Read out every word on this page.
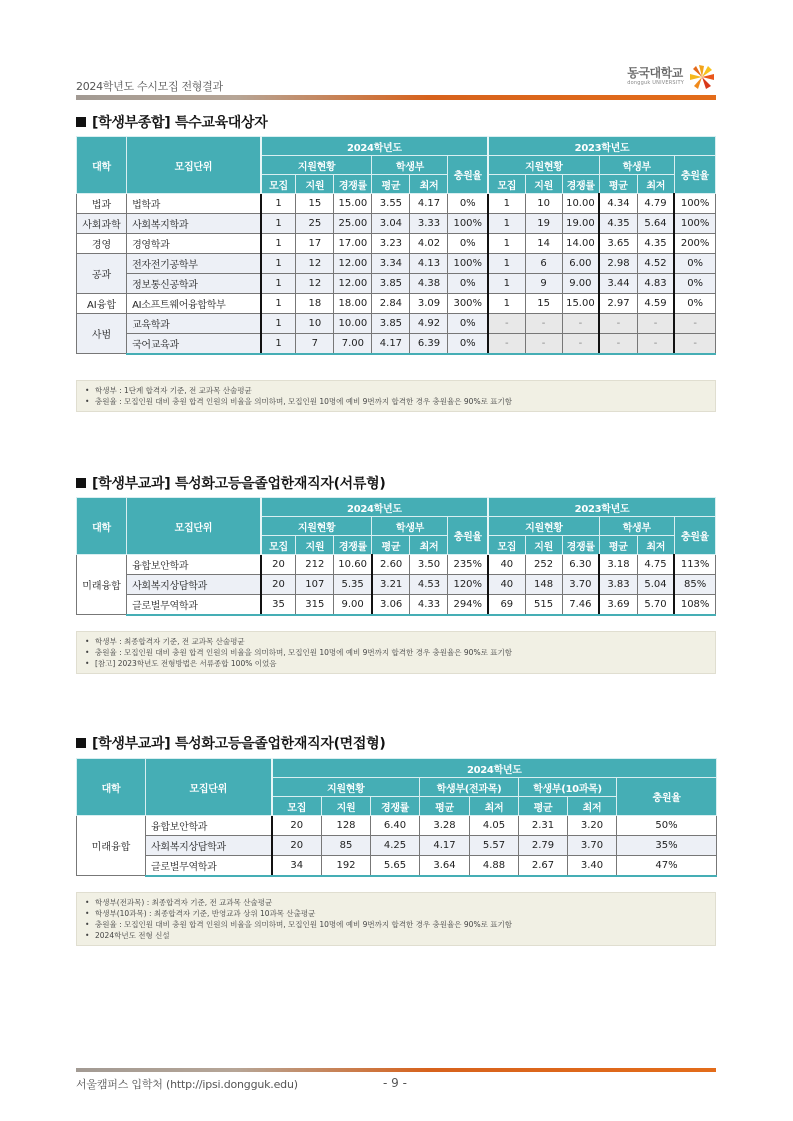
2024학년도 수시모집 전형결과
동국대학교
dongguk UNIVERSITY
[학생부종합] 특수교육대상자
대학	모집단위	2024학년도						2023학년도					
		지원현황			학생부		충원율	지원현황			학생부		충원율
		모집	지원	경쟁률	평균	최저		모집	지원	경쟁률	평균	최저	
법과	법학과	1	15	15.00	3.55	4.17	0%	1	10	10.00	4.34	4.79	100%
사회과학	사회복지학과	1	25	25.00	3.04	3.33	100%	1	19	19.00	4.35	5.64	100%
경영	경영학과	1	17	17.00	3.23	4.02	0%	1	14	14.00	3.65	4.35	200%
공과	전자전기공학부	1	12	12.00	3.34	4.13	100%	1	6	6.00	2.98	4.52	0%
	정보통신공학과	1	12	12.00	3.85	4.38	0%	1	9	9.00	3.44	4.83	0%
AI융합	AI소프트웨어융합학부	1	18	18.00	2.84	3.09	300%	1	15	15.00	2.97	4.59	0%
사범	교육학과	1	10	10.00	3.85	4.92	0%	-	-	-	-	-	-
	국어교육과	1	7	7.00	4.17	6.39	0%	-	-	-	-	-	-
• 학생부 : 1단계 합격자 기준, 전 교과목 산술평균
• 충원율 : 모집인원 대비 충원 합격 인원의 비율을 의미하며, 모집인원 10명에 예비 9번까지 합격한 경우 충원율은 90%로 표기함
[학생부교과] 특성화고등을졸업한재직자(서류형)
대학	모집단위	2024학년도						2023학년도					
		지원현황			학생부		충원율	지원현황			학생부		충원율
		모집	지원	경쟁률	평균	최저		모집	지원	경쟁률	평균	최저	
미래융합	융합보안학과	20	212	10.60	2.60	3.50	235%	40	252	6.30	3.18	4.75	113%
	사회복지상담학과	20	107	5.35	3.21	4.53	120%	40	148	3.70	3.83	5.04	85%
	글로벌무역학과	35	315	9.00	3.06	4.33	294%	69	515	7.46	3.69	5.70	108%
• 학생부 : 최종합격자 기준, 전 교과목 산술평균
• 충원율 : 모집인원 대비 충원 합격 인원의 비율을 의미하며, 모집인원 10명에 예비 9번까지 합격한 경우 충원율은 90%로 표기함
• [참고] 2023학년도 전형방법은 서류종합 100% 이었음
[학생부교과] 특성화고등을졸업한재직자(면접형)
대학	모집단위	2024학년도							
		지원현황			학생부(전과목)		학생부(10과목)		충원율
		모집	지원	경쟁률	평균	최저	평균	최저	
미래융합	융합보안학과	20	128	6.40	3.28	4.05	2.31	3.20	50%
	사회복지상담학과	20	85	4.25	4.17	5.57	2.79	3.70	35%
	글로벌무역학과	34	192	5.65	3.64	4.88	2.67	3.40	47%
• 학생부(전과목) : 최종합격자 기준, 전 교과목 산술평균
• 학생부(10과목) : 최종합격자 기준, 반영교과 상위 10과목 산출평균
• 충원율 : 모집인원 대비 충원 합격 인원의 비율을 의미하며, 모집인원 10명에 예비 9번까지 합격한 경우 충원율은 90%로 표기함
• 2024학년도 전형 신설
서울캠퍼스 입학처 (http://ipsi.dongguk.edu)	- 9 -
